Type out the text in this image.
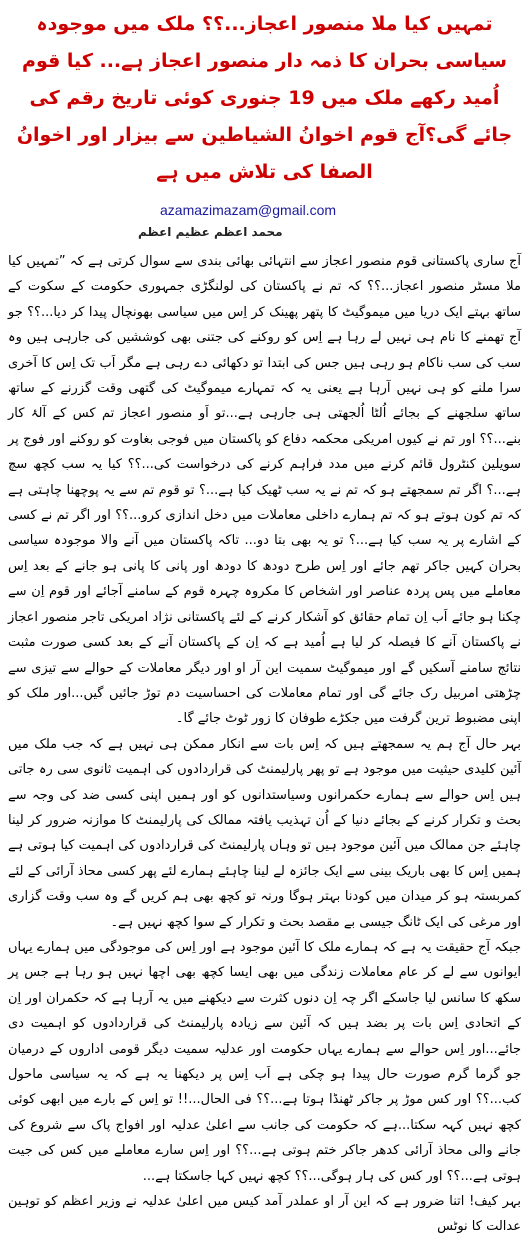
تمہیں کیا ملا منصور اعجاز...؟؟ ملک میں موجودہ سیاسی بحران کا ذمہ دار منصور اعجاز ہے... کیا قوم اُمید رکھے ملک میں 19 جنوری کوئی تاریخ رقم کی جائے گی؟آج قوم اخوانُ الشیاطین سے بیزار اور اخوانُ الصفا کی تلاش میں ہے
azamazimazam@gmail.com
محمد اعظم عظیم اعظم

آج ساری پاکستانی قوم منصور اعجاز سے انتہائی بھائی بندی سے سوال کرتی ہے کہ ”تمہیں کیا ملا مسٹر منصور اعجاز...؟؟ کہ تم نے پاکستان کی لولنگڑی جمہوری حکومت کے سکوت کے ساتھ بہتے ایک دریا میں میموگیٹ کا پتھر پھینک کر اِس میں سیاسی بھونچال پیدا کر دیا...؟؟ جو آج تھمنے کا نام ہی نہیں لے رہا ہے اِس کو روکنے کی جتنی بھی کوششیں کی جارہی ہیں وہ سب کی سب ناکام ہو رہی ہیں جس کی ابتدا تو دکھائی دے رہی ہے مگر اَب تک اِس کا آخری سرا ملنے کو ہی نہیں آرہا ہے یعنی یہ کہ تمہارے میموگیٹ کی گتھی وقت گزرنے کے ساتھ ساتھ سلجھنے کے بجائے اُلٹا اُلجھتی ہی جارہی ہے...تو اَو منصور اعجاز تم کس کے آلۂ کار بنے...؟؟ اور تم نے کیوں امریکی محکمہ دفاع کو پاکستان میں فوجی بغاوت کو روکنے اور فوج پر سویلین کنٹرول قائم کرنے میں مدد فراہم کرنے کی درخواست کی...؟؟ کیا یہ سب کچھ سچ ہے...؟ اگر تم سمجھتے ہو کہ تم نے یہ سب ٹھیک کیا ہے...؟ تو قوم تم سے یہ پوچھنا چاہتی ہے کہ تم کون ہوتے ہو کہ تم ہمارے داخلی معاملات میں دخل اندازی کرو...؟؟ اور اگر تم نے کسی کے اشارے پر یہ سب کیا ہے...؟ تو یہ بھی بتا دو... تاکہ پاکستان میں آنے والا موجودہ سیاسی بحران کہیں جاکر تھم جائے اور اِس طرح دودھ کا دودھ اور پانی کا پانی ہو جانے کے بعد اِس معاملے میں پس پردہ عناصر اور اشخاص کا مکروہ چہرہ قوم کے سامنے آجائے اور قوم اِن سے چکنا ہو جائے اَب اِن تمام حقائق کو آشکار کرنے کے لئے پاکستانی نژاد امریکی تاجر منصور اعجاز نے پاکستان آنے کا فیصلہ کر لیا ہے اُمید ہے کہ اِن کے پاکستان آنے کے بعد کسی صورت مثبت نتائج سامنے آسکیں گے اور میموگیٹ سمیت این آر او اور دیگر معاملات کے حوالے سے تیزی سے چڑھتی امربیل رک جائے گی اور تمام معاملات کی احساسیت دم توڑ جائیں گیں...اور ملک کو اپنی مضبوط ترین گرفت میں جکڑے طوفان کا زور ٹوٹ جائے گا۔

بہر حال آج ہم یہ سمجھتے ہیں کہ اِس بات سے انکار ممکن ہی نہیں ہے کہ جب ملک میں آئین کلیدی حیثیت میں موجود ہے تو پھر پارلیمنٹ کی قراردادوں کی اہمیت ثانوی سی رہ جاتی ہیں اِس حوالے سے ہمارے حکمرانوں وسیاستدانوں کو اور ہمیں اپنی کسی ضد کی وجہ سے بحث و تکرار کرنے کے بجائے دنیا کے اُن تہذیب یافتہ ممالک کی پارلیمنٹ کا موازنہ ضرور کر لینا چاہئے جن ممالک میں آئین موجود ہیں تو وہاں پارلیمنٹ کی قراردادوں کی اہمیت کیا ہوتی ہے ہمیں اِس کا بھی باریک بینی سے ایک جائزہ لے لینا چاہئے ہمارے لئے پھر کسی محاذ آرائی کے لئے کمربستہ ہو کر میدان میں کودنا بہتر ہوگا ورنہ تو کچھ بھی ہم کریں گے وہ سب وقت گزاری اور مرغی کی ایک ٹانگ جیسی بے مقصد بحث و تکرار کے سوا کچھ نہیں ہے۔

جبکہ آج حقیقت یہ ہے کہ ہمارے ملک کا آئین موجود ہے اور اِس کی موجودگی میں ہمارے یہاں ایوانوں سے لے کر عام معاملات زندگی میں بھی ایسا کچھ بھی اچھا نہیں ہو رہا ہے جس پر سکھ کا سانس لیا جاسکے اگر چہ اِن دنوں کثرت سے دیکھنے میں یہ آرہا ہے کہ حکمران اور اِن کے اتحادی اِس بات پر بضد ہیں کہ آئین سے زیادہ پارلیمنٹ کی قراردادوں کو اہمیت دی جائے...اور اِس حوالے سے ہمارے یہاں حکومت اور عدلیہ سمیت دیگر قومی اداروں کے درمیان جو گرما گرم صورت حال پیدا ہو چکی ہے اَب اِس پر دیکھنا یہ ہے کہ یہ سیاسی ماحول کب...؟؟ اور کس موڑ پر جاکر ٹھنڈا ہوتا ہے...؟؟ فی الحال...!! تو اِس کے بارے میں ابھی کوئی کچھ نہیں کہہ سکتا...ہے کہ حکومت کی جانب سے اعلیٰ عدلیہ اور افواج پاک سے شروع کی جانے والی محاذ آرائی کدھر جاکر ختم ہوتی ہے...؟؟ اور اِس سارے معاملے میں کس کی جیت ہوتی ہے...؟؟ اور کس کی ہار ہوگی...؟؟ کچھ نہیں کہا جاسکتا ہے...

بہر کیف! اتنا ضرور ہے کہ این آر او عملدر آمد کیس میں اعلیٰ عدلیہ نے وزیر اعظم کو توہین عدالت کا نوٹس
